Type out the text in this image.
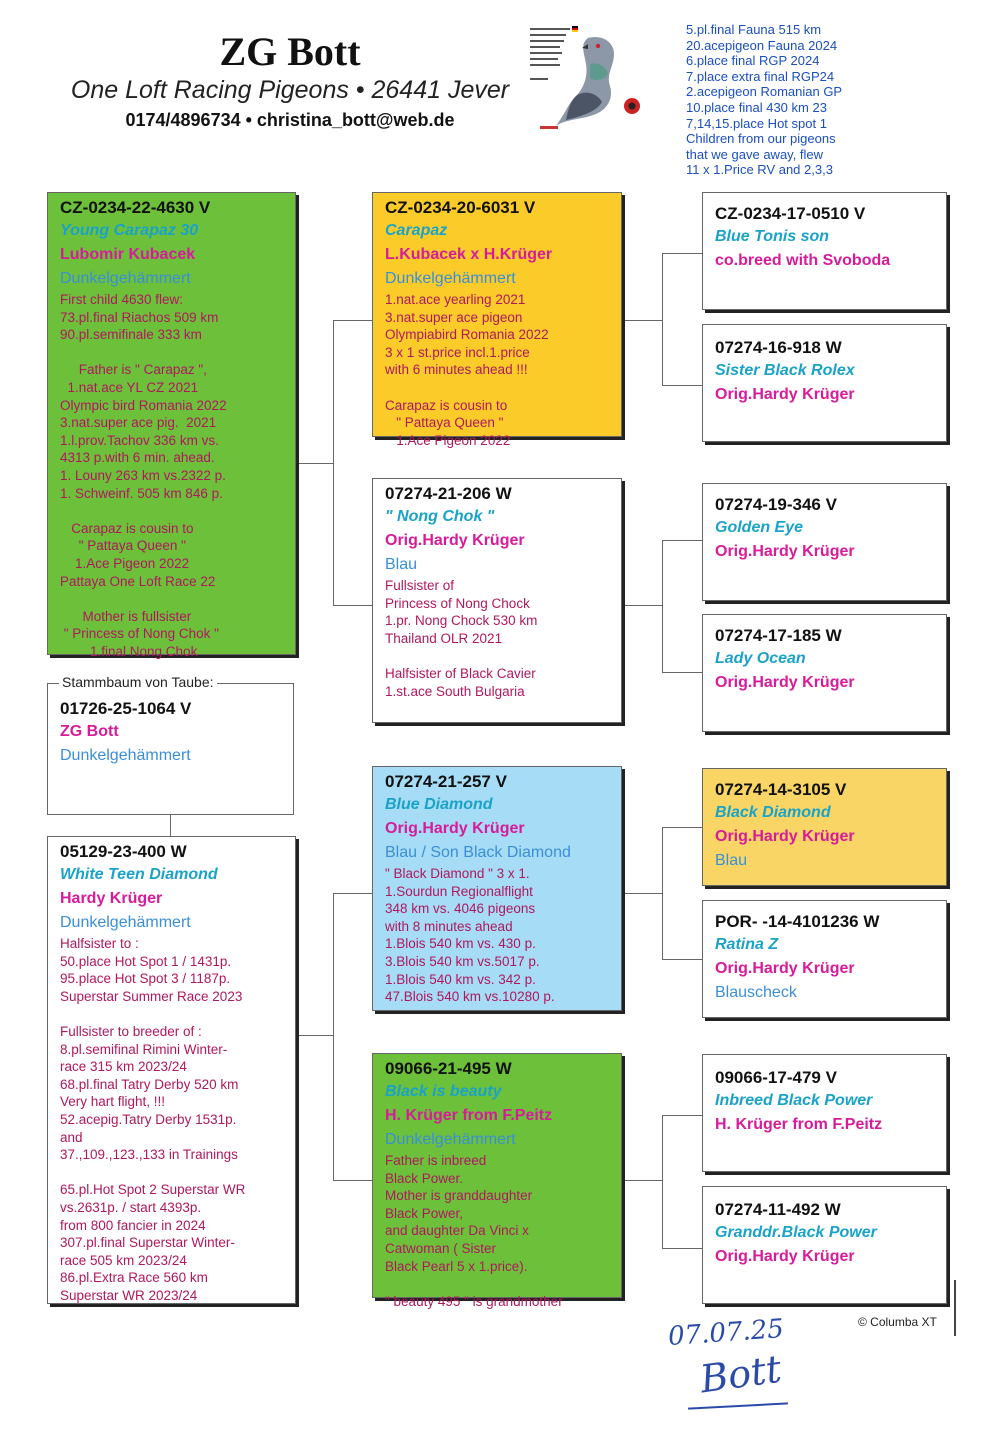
ZG Bott
One Loft Racing Pigeons • 26441 Jever
0174/4896734 • christina_bott@web.de
5.pl.final Fauna 515 km
20.acepigeon Fauna 2024
6.place final RGP 2024
7.place extra final RGP24
2.acepigeon Romanian GP
10.place final 430 km 23
7,14,15.place Hot spot 1
Children from our pigeons
that we gave away, flew
11 x 1.Price RV and 2,3,3
CZ-0234-22-4630 V
Young Carapaz 30
Lubomir Kubacek
Dunkelgehämmert
First child 4630 flew:
73.pl.final Riachos 509 km
90.pl.semifinale 333 km
Father is " Carapaz ",
1.nat.ace YL CZ 2021
Olympic bird Romania 2022
3.nat.super ace pig.  2021
1.l.prov.Tachov 336 km vs.
4313 p.with 6 min. ahead.
1. Louny 263 km vs.2322 p.
1. Schweinf. 505 km 846 p.
Carapaz is cousin to
" Pattaya Queen "
1.Ace Pigeon 2022
Pattaya One Loft Race 22
Mother is fullsister
" Princess of Nong Chok "
1.final Nong Chok
01726-25-1064 V
ZG Bott
Dunkelgehämmert
Stammbaum von Taube:
05129-23-400 W
White Teen Diamond
Hardy Krüger
Dunkelgehämmert
Halfsister to :
50.place Hot Spot 1 / 1431p.
95.place Hot Spot 3 / 1187p.
Superstar Summer Race 2023
Fullsister to breeder of :
8.pl.semifinal Rimini Winter-
race 315 km 2023/24
68.pl.final Tatry Derby 520 km
Very hart flight, !!!
52.acepig.Tatry Derby 1531p.
and
37.,109.,123.,133 in Trainings
65.pl.Hot Spot 2 Superstar WR
vs.2631p. / start 4393p.
from 800 fancier in 2024
307.pl.final Superstar Winter-
race 505 km 2023/24
86.pl.Extra Race 560 km
Superstar WR 2023/24
CZ-0234-20-6031 V
Carapaz
L.Kubacek x H.Krüger
Dunkelgehämmert
1.nat.ace yearling 2021
3.nat.super ace pigeon
Olympiabird Romania 2022
3 x 1 st.price incl.1.price
with 6 minutes ahead !!!
Carapaz is cousin to
" Pattaya Queen "
1.Ace Pigeon 2022
07274-21-206 W
" Nong Chok "
Orig.Hardy Krüger
Blau
Fullsister of
Princess of Nong Chock
1.pr. Nong Chock 530 km
Thailand OLR 2021
Halfsister of Black Cavier
1.st.ace South Bulgaria
07274-21-257 V
Blue Diamond
Orig.Hardy Krüger
Blau / Son Black Diamond
" Black Diamond " 3 x 1.
1.Sourdun Regionalflight
348 km vs. 4046 pigeons
with 8 minutes ahead
1.Blois 540 km vs. 430 p.
3.Blois 540 km vs.5017 p.
1.Blois 540 km vs. 342 p.
47.Blois 540 km vs.10280 p.
09066-21-495 W
Black is beauty
H. Krüger from F.Peitz
Dunkelgehämmert
Father is inbreed
Black Power.
Mother is granddaughter
Black Power,
and daughter Da Vinci x
Catwoman ( Sister
Black Pearl 5 x 1.price).
" beauty 495 " is grandmother
CZ-0234-17-0510 V
Blue Tonis son
co.breed with Svoboda
07274-16-918 W
Sister Black Rolex
Orig.Hardy Krüger
07274-19-346 V
Golden Eye
Orig.Hardy Krüger
07274-17-185 W
Lady Ocean
Orig.Hardy Krüger
07274-14-3105 V
Black Diamond
Orig.Hardy Krüger
Blau
POR- -14-4101236 W
Ratina Z
Orig.Hardy Krüger
Blauscheck
09066-17-479 V
Inbreed Black Power
H. Krüger from F.Peitz
07274-11-492 W
Granddr.Black Power
Orig.Hardy Krüger
© Columba XT
07.07.25
Bott
